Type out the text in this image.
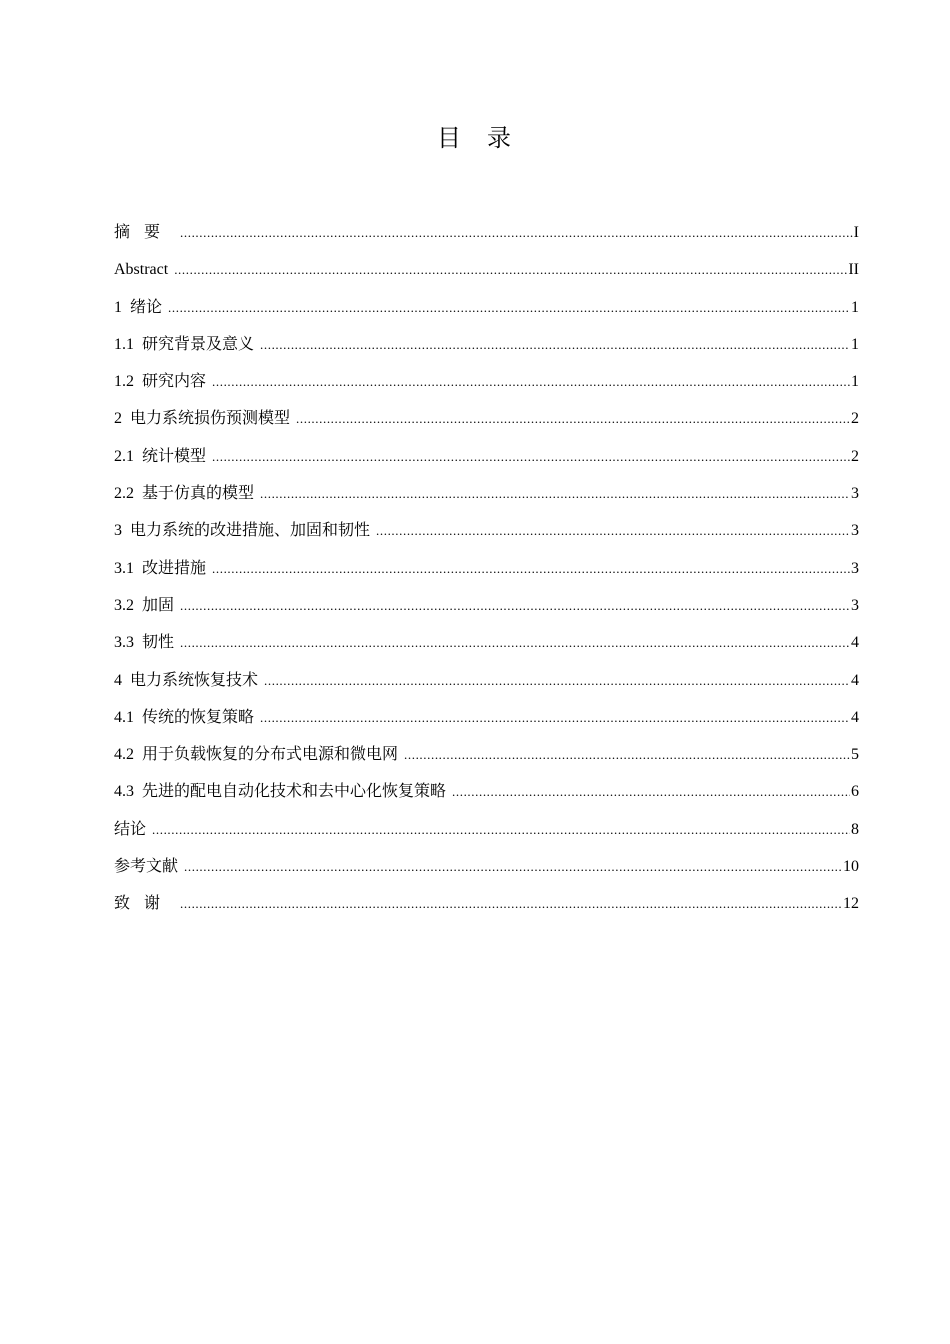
目录
摘要 .....	I
Abstract .....	II
1 绪论 .....	1
1.1 研究背景及意义 .....	1
1.2 研究内容 .....	1
2 电力系统损伤预测模型 .....	2
2.1 统计模型 .....	2
2.2 基于仿真的模型 .....	3
3 电力系统的改进措施、加固和韧性 .....	3
3.1 改进措施 .....	3
3.2 加固 .....	3
3.3 韧性 .....	4
4 电力系统恢复技术 .....	4
4.1 传统的恢复策略 .....	4
4.2 用于负载恢复的分布式电源和微电网 .....	5
4.3 先进的配电自动化技术和去中心化恢复策略 .....	6
结论 .....	8
参考文献 .....	10
致谢 .....	12
